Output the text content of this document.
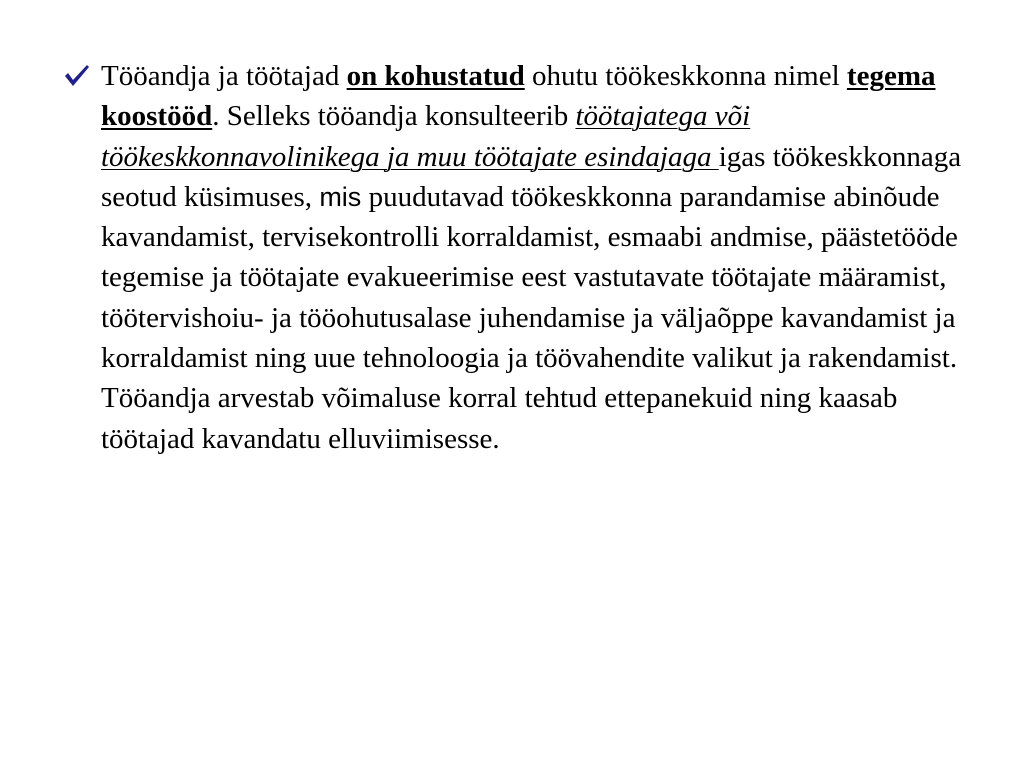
Tööandja ja töötajad on kohustatud ohutu töökeskkonna nimel tegema koostööd. Selleks tööandja konsulteerib töötajatega või töökeskkonnavolinikega ja muu töötajate esindajaga igas töökeskkonnaga seotud küsimuses, mis puudutavad töökeskkonna parandamise abinõude kavandamist, tervisekontrolli korraldamist, esmaabi andmise, päästetööde tegemise ja töötajate evakueerimise eest vastutavate töötajate määramist, töötervishoiu- ja tööohutusalase juhendamise ja väljaõppe kavandamist ja korraldamist ning uue tehnoloogia ja töövahendite valikut ja rakendamist. Tööandja arvestab võimaluse korral tehtud ettepanekuid ning kaasab töötajad kavandatu elluviimisesse.
